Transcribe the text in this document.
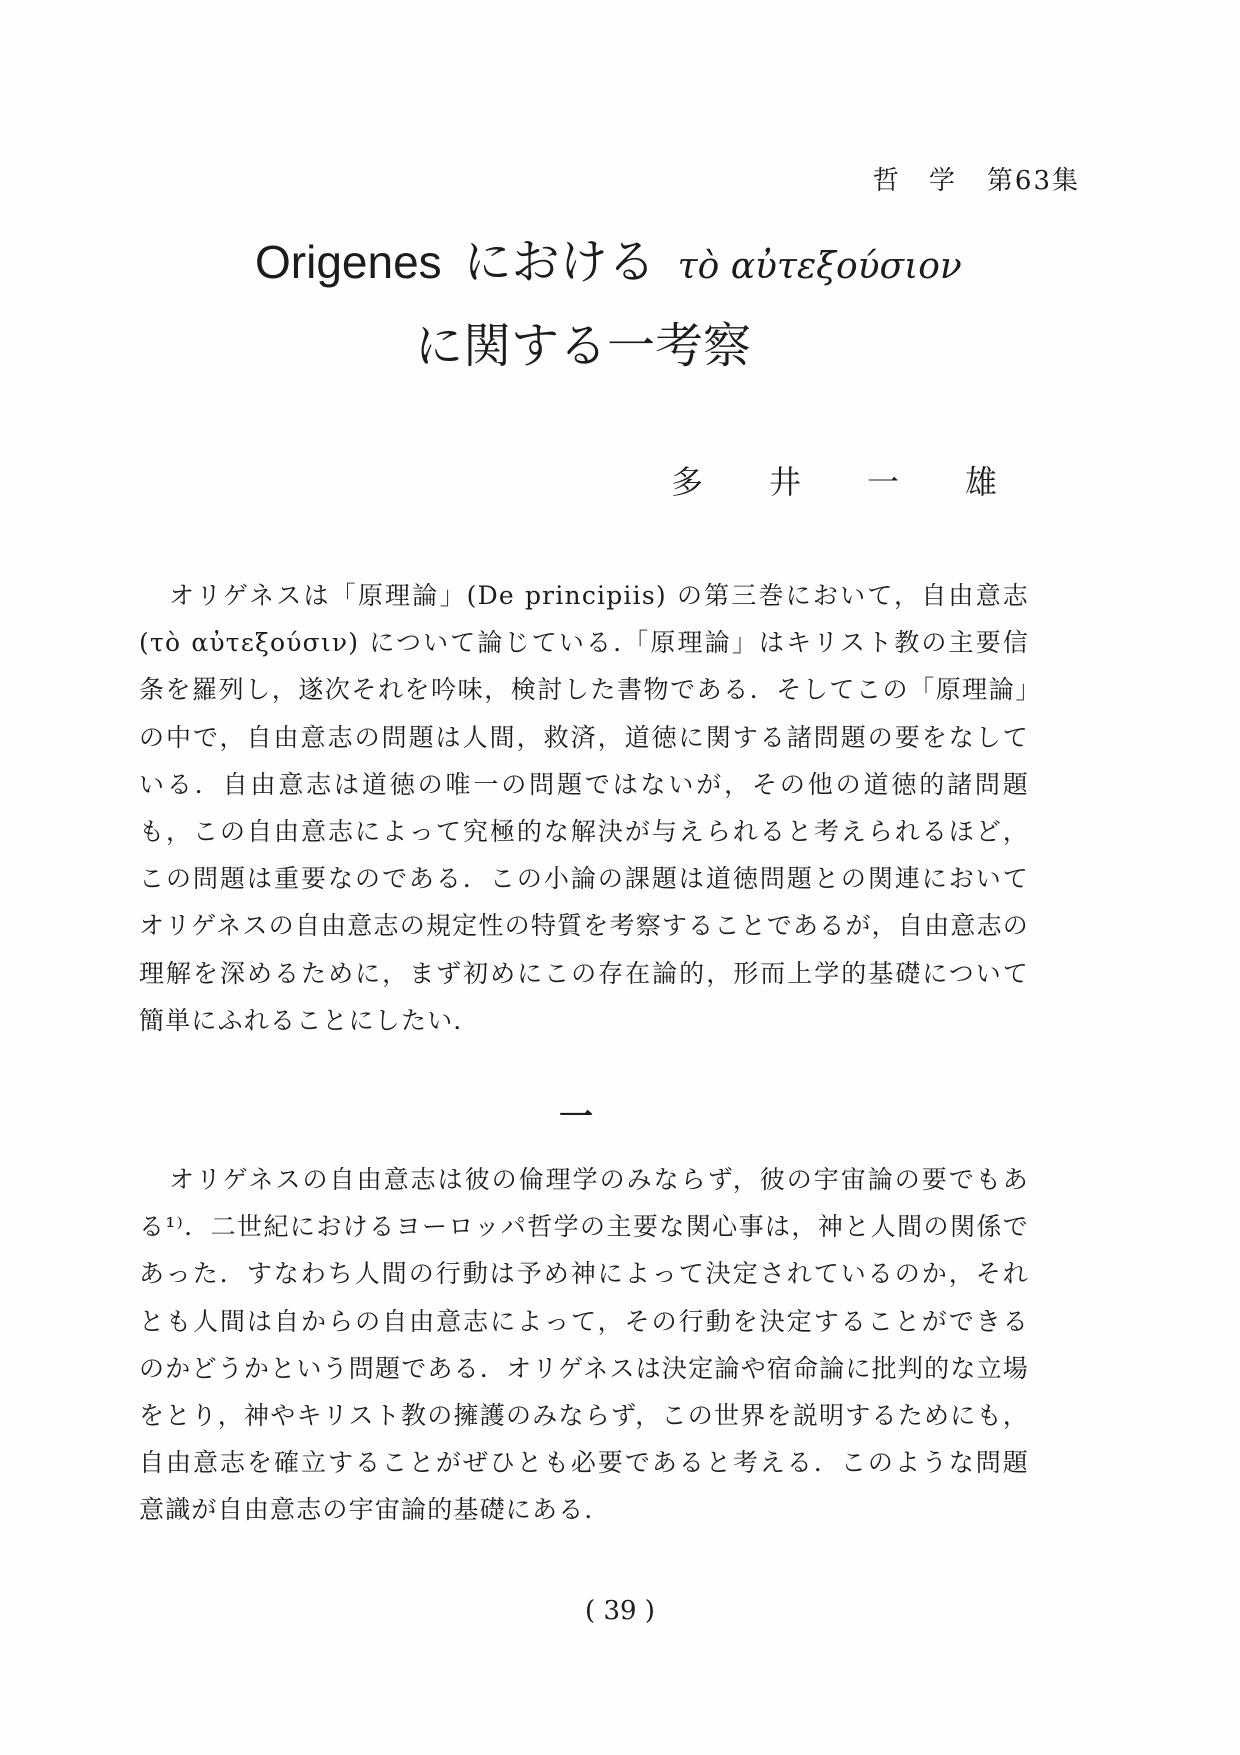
哲　学 第63集
Origenes における τὸ αὐτεξούσιον
に関する一考察
多井一雄

オリゲネスは「原理論」(De principiis) の第三巻において，自由意志 (τὸ αὐτεξούσιν) について論じている.「原理論」はキリスト教の主要信条を羅列し，遂次それを吟味，検討した書物である．そしてこの「原理論」の中で，自由意志の問題は人間，救済，道徳に関する諸問題の要をなしている．自由意志は道徳の唯一の問題ではないが，その他の道徳的諸問題も，この自由意志によって究極的な解決が与えられると考えられるほど，この問題は重要なのである．この小論の課題は道徳問題との関連においてオリゲネスの自由意志の規定性の特質を考察することであるが，自由意志の理解を深めるために，まず初めにこの存在論的，形而上学的基礎について簡単にふれることにしたい．

一

オリゲネスの自由意志は彼の倫理学のみならず，彼の宇宙論の要でもある¹⁾．二世紀におけるヨーロッパ哲学の主要な関心事は，神と人間の関係であった．すなわち人間の行動は予め神によって決定されているのか，それとも人間は自からの自由意志によって，その行動を決定することができるのかどうかという問題である．オリゲネスは決定論や宿命論に批判的な立場をとり，神やキリスト教の擁護のみならず，この世界を説明するためにも，自由意志を確立することがぜひとも必要であると考える．このような問題意識が自由意志の宇宙論的基礎にある．

( 39 )
